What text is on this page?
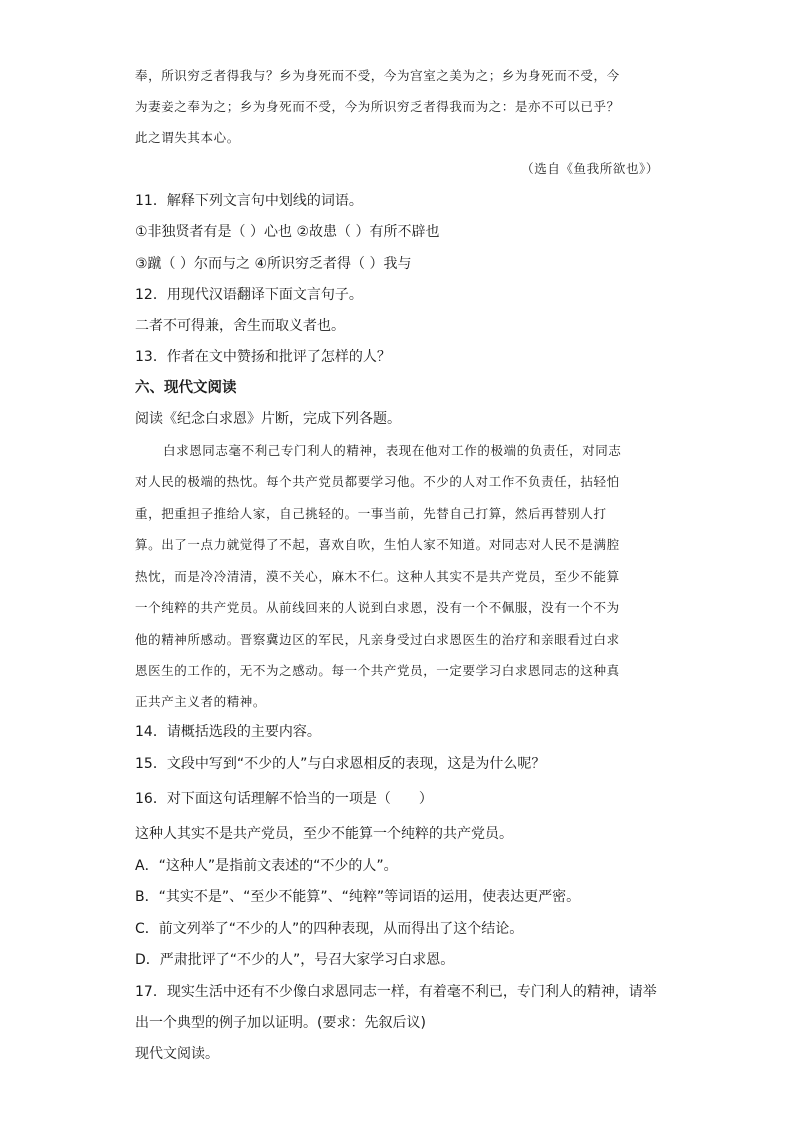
奉，所识穷乏者得我与？乡为身死而不受，今为宫室之美为之；乡为身死而不受，今
为妻妾之奉为之；乡为身死而不受，今为所识穷乏者得我而为之：是亦不可以已乎？
此之谓失其本心。
（选自《鱼我所欲也》）
11．解释下列文言句中划线的词语。
①非独贤者有是（ ）心也 ②故患（ ）有所不辟也
③蹴（ ）尔而与之 ④所识穷乏者得（ ）我与
12．用现代汉语翻译下面文言句子。
二者不可得兼，舍生而取义者也。
13．作者在文中赞扬和批评了怎样的人？
六、现代文阅读
阅读《纪念白求恩》片断，完成下列各题。
白求恩同志毫不利己专门利人的精神，表现在他对工作的极端的负责任，对同志
对人民的极端的热忱。每个共产党员都要学习他。不少的人对工作不负责任，拈轻怕
重，把重担子推给人家，自己挑轻的。一事当前，先替自己打算，然后再替别人打
算。出了一点力就觉得了不起，喜欢自吹，生怕人家不知道。对同志对人民不是满腔
热忱，而是冷冷清清，漠不关心，麻木不仁。这种人其实不是共产党员，至少不能算
一个纯粹的共产党员。从前线回来的人说到白求恩，没有一个不佩服，没有一个不为
他的精神所感动。晋察冀边区的军民，凡亲身受过白求恩医生的治疗和亲眼看过白求
恩医生的工作的，无不为之感动。每一个共产党员，一定要学习白求恩同志的这种真
正共产主义者的精神。
14．请概括选段的主要内容。
15．文段中写到“不少的人”与白求恩相反的表现，这是为什么呢？
16．对下面这句话理解不恰当的一项是（　　）
这种人其实不是共产党员，至少不能算一个纯粹的共产党员。
A．“这种人”是指前文表述的“不少的人”。
B．“其实不是”、“至少不能算”、“纯粹”等词语的运用，使表达更严密。
C．前文列举了“不少的人”的四种表现，从而得出了这个结论。
D．严肃批评了“不少的人”，号召大家学习白求恩。
17．现实生活中还有不少像白求恩同志一样，有着毫不利已，专门利人的精神，请举
出一个典型的例子加以证明。(要求：先叙后议)
现代文阅读。
